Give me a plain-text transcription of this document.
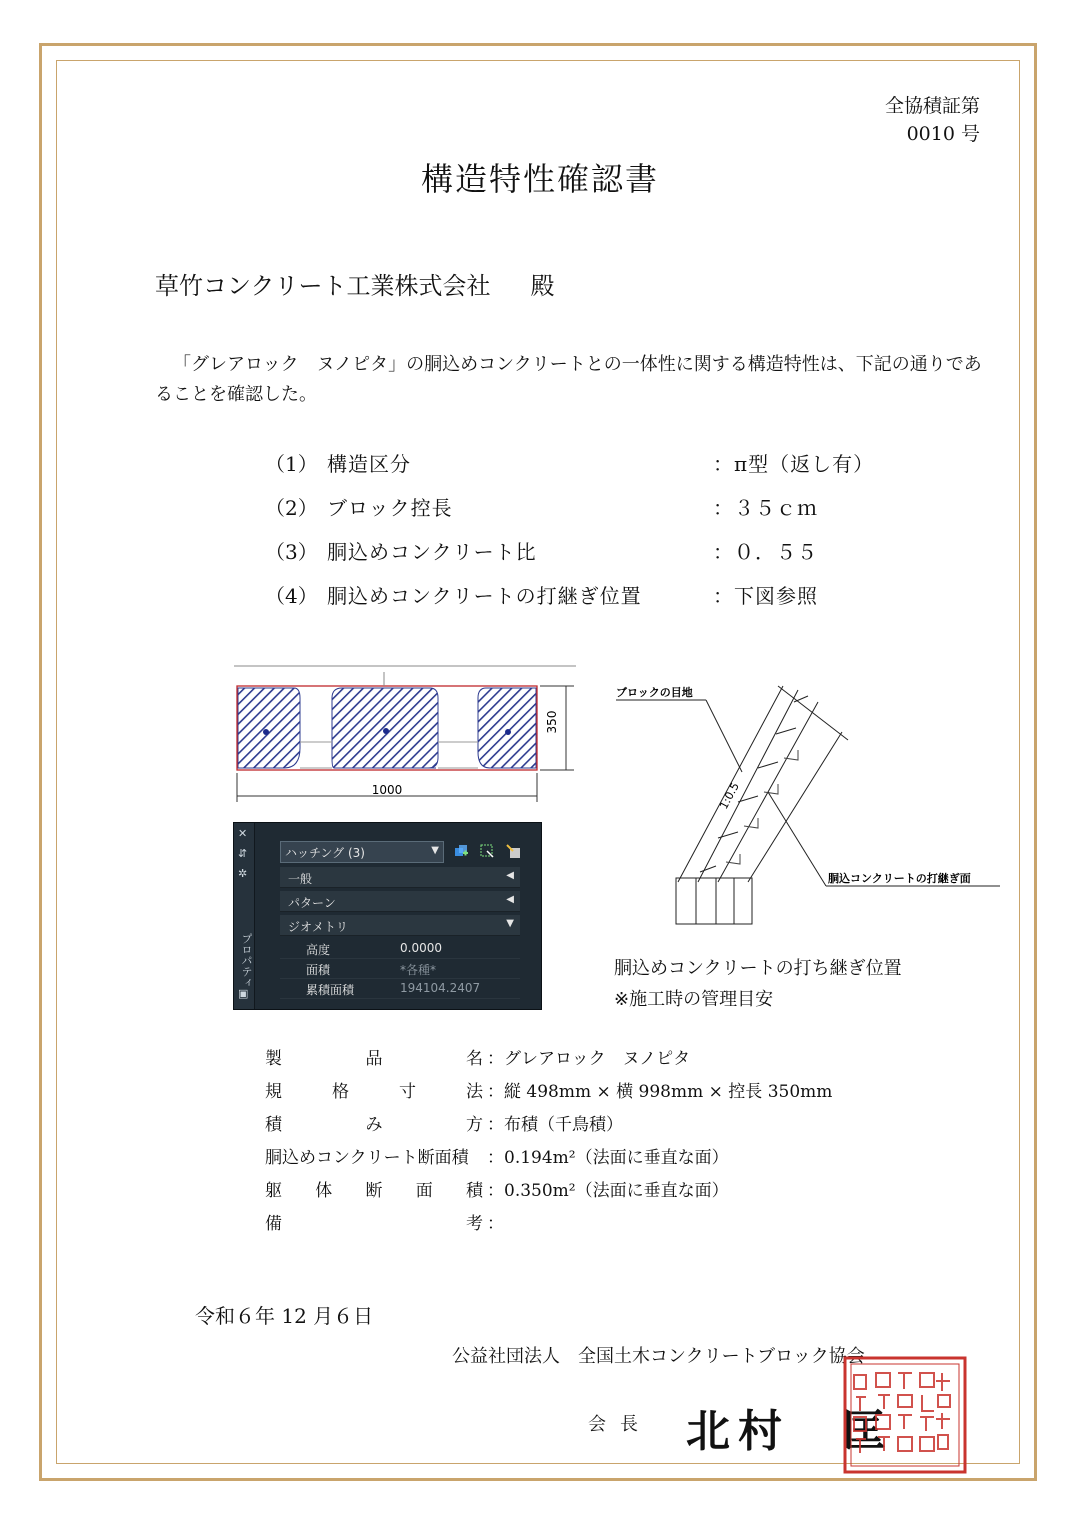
全協積証第
0010 号
構造特性確認書
草竹コンクリート工業株式会社 殿
「グレアロック　ヌノピタ」の胴込めコンクリートとの一体性に関する構造特性は、下記の通りであることを確認した。
（1） 構造区分	：π型（返し有）
（2） ブロック控長	：３５ｃｍ
（3） 胴込めコンクリート比	：０．５５
（4） 胴込めコンクリートの打継ぎ位置	：下図参照
1000
350
✕
⇵
✲
プロパティ
▣
ハッチング (3)	▼
一般	◀
パターン	◀
ジオメトリ	▼
高度	0.0000
面積	*各種*
累積面積	194104.2407
ブロックの目地
1:0.5
胴込コンクリートの打継ぎ面
胴込めコンクリートの打ち継ぎ位置
※施工時の管理目安
製	品	名 ：グレアロック　ヌノピタ
規	格	寸	法 ：縦 498mm × 横 998mm × 控長 350mm
積	み	方 ：布積（千鳥積）
胴込めコンクリート断面積 ：0.194m²（法面に垂直な面）
躯 体 断 面 積 ：0.350m²（法面に垂直な面）
備	考 ：
令和６年 12 月６日
公益社団法人　全国土木コンクリートブロック協会
会長 北村　匡
